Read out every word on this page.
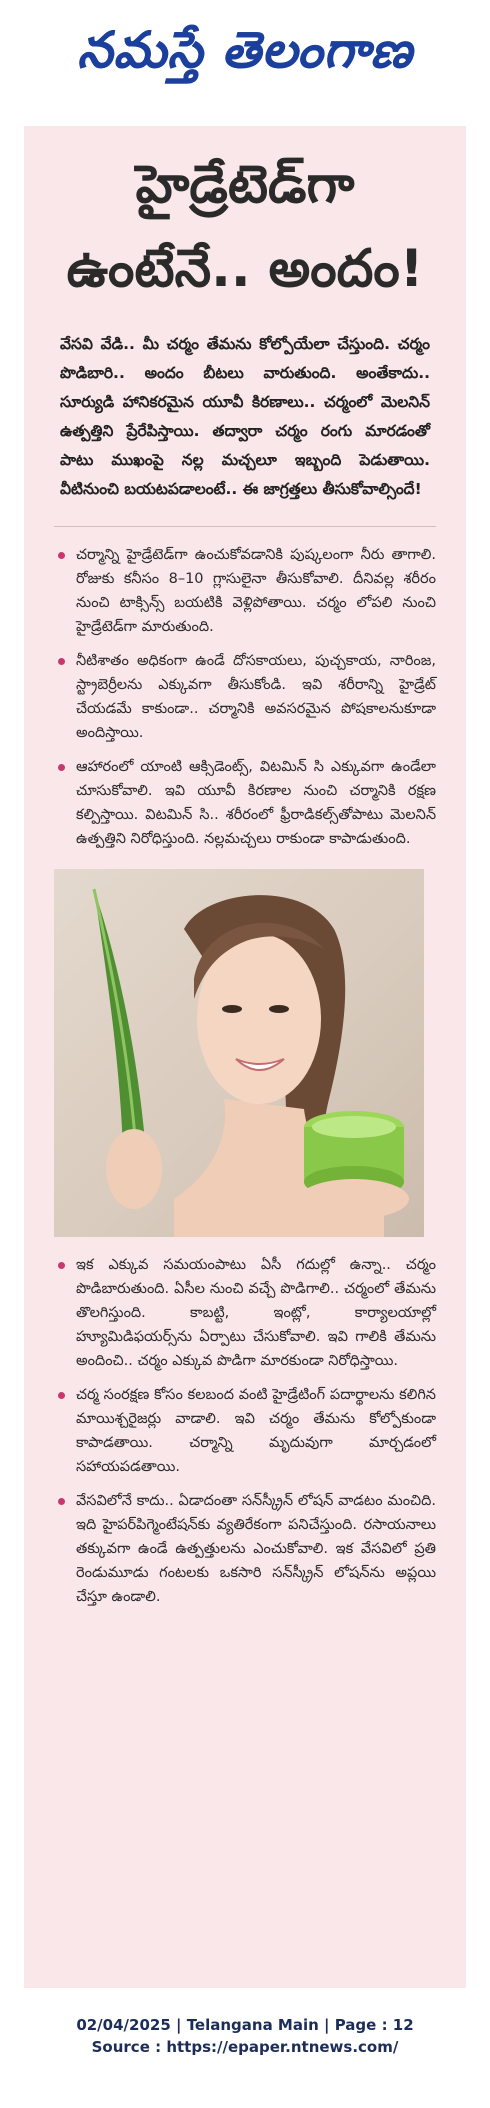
నమస్తే తెలంగాణ
హైడ్రేటెడ్‌గా
ఉంటేనే.. అందం!

వేసవి వేడి.. మీ చర్మం తేమను కోల్పోయేలా చేస్తుంది. చర్మం పొడిబారి.. అందం బీటలు వారుతుంది. అంతేకాదు.. సూర్యుడి హానికరమైన యూవీ కిరణాలు.. చర్మంలో మెలనిన్ ఉత్పత్తిని ప్రేరేపిస్తాయి. తద్వారా చర్మం రంగు మారడంతో పాటు ముఖంపై నల్ల మచ్చలూ ఇబ్బంది పెడుతాయి. వీటినుంచి బయటపడాలంటే.. ఈ జాగ్రత్తలు తీసుకోవాల్సిందే!

చర్మాన్ని హైడ్రేటెడ్‌గా ఉంచుకోవడానికి పుష్కలంగా నీరు తాగాలి. రోజుకు కనీసం 8–10 గ్లాసులైనా తీసుకోవాలి. దీనివల్ల శరీరం నుంచి టాక్సిన్స్ బయటికి వెళ్లిపోతాయి. చర్మం లోపలి నుంచి హైడ్రేటెడ్‌గా మారుతుంది.
నీటిశాతం అధికంగా ఉండే దోసకాయలు, పుచ్చకాయ, నారింజ, స్ట్రాబెర్రీలను ఎక్కువగా తీసుకోండి. ఇవి శరీరాన్ని హైడ్రేట్ చేయడమే కాకుండా.. చర్మానికి అవసరమైన పోషకాలనుకూడా అందిస్తాయి.
ఆహారంలో యాంటి ఆక్సిడెంట్స్, విటమిన్ సి ఎక్కువగా ఉండేలా చూసుకోవాలి. ఇవి యూవీ కిరణాల నుంచి చర్మానికి రక్షణ కల్పిస్తాయి. విటమిన్ సి.. శరీరంలో ఫ్రీరాడికల్స్‌తోపాటు మెలనిన్ ఉత్పత్తిని నిరోధిస్తుంది. నల్లమచ్చలు రాకుండా కాపాడుతుంది.
ఇక ఎక్కువ సమయంపాటు ఏసీ గదుల్లో ఉన్నా.. చర్మం పొడిబారుతుంది. ఏసీల నుంచి వచ్చే పొడిగాలి.. చర్మంలో తేమను తొలగిస్తుంది. కాబట్టి, ఇంట్లో, కార్యాలయాల్లో హ్యూమిడిఫయర్స్‌ను ఏర్పాటు చేసుకోవాలి. ఇవి గాలికి తేమను అందించి.. చర్మం ఎక్కువ పొడిగా మారకుండా నిరోధిస్తాయి.
చర్మ సంరక్షణ కోసం కలబంద వంటి హైడ్రేటింగ్ పదార్థాలను కలిగిన మాయిశ్చరైజర్లు వాడాలి. ఇవి చర్మం తేమను కోల్పోకుండా కాపాడతాయి. చర్మాన్ని మృదువుగా మార్చడంలో సహాయపడతాయి.
వేసవిలోనే కాదు.. ఏడాదంతా సన్‌స్క్రీన్ లోషన్ వాడటం మంచిది. ఇది హైపర్‌పిగ్మెంటేషన్‌కు వ్యతిరేకంగా పనిచేస్తుంది. రసాయనాలు తక్కువగా ఉండే ఉత్పత్తులను ఎంచుకోవాలి. ఇక వేసవిలో ప్రతి రెండుమూడు గంటలకు ఒకసారి సన్‌స్క్రీన్ లోషన్‌ను అప్లయి చేస్తూ ఉండాలి.
02/04/2025 | Telangana Main | Page : 12
Source : https://epaper.ntnews.com/
